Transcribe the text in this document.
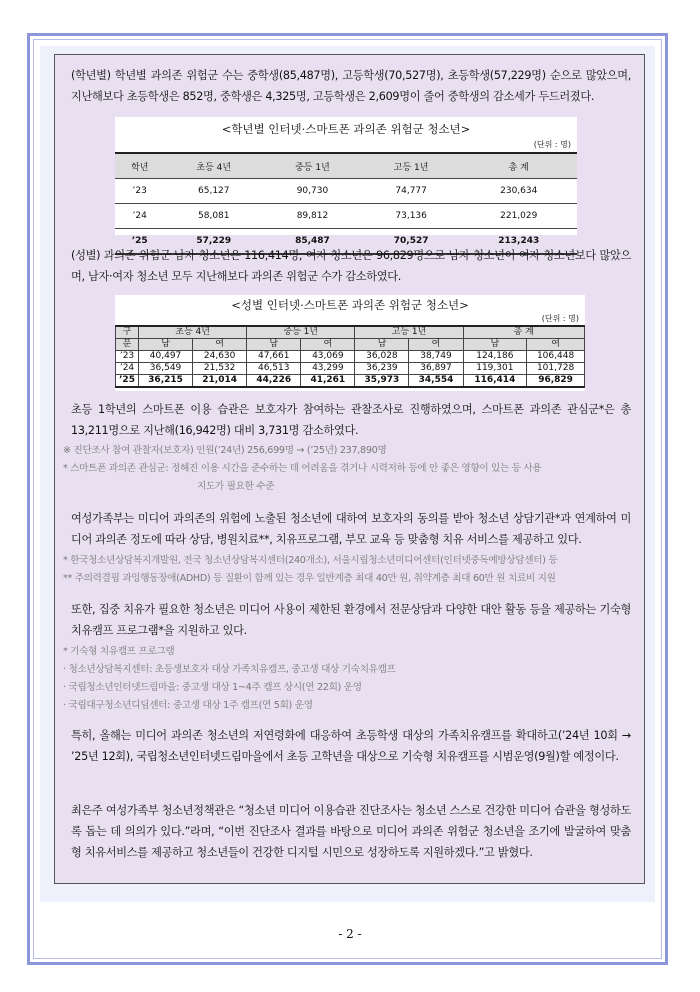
(학년별) 학년별 과의존 위험군 수는 중학생(85,487명), 고등학생(70,527명), 초등학생(57,229명) 순으로 많았으며, 지난해보다 초등학생은 852명, 중학생은 4,325명, 고등학생은 2,609명이 줄어 중학생의 감소세가 두드러졌다.

<학년별 인터넷·스마트폰 과의존 위험군 청소년>

(단위 : 명)

학년	초등 4년	중등 1년	고등 1년	총 계
’23	65,127	90,730	74,777	230,634
’24	58,081	89,812	73,136	221,029
’25	57,229	85,487	70,527	213,243

(성별) 과의존 위험군 남자 청소년은 116,414명, 여자 청소년은 96,829명으로 남자 청소년이 여자 청소년보다 많았으며, 남자·여자 청소년 모두 지난해보다 과의존 위험군 수가 감소하였다.

<성별 인터넷·스마트폰 과의존 위험군 청소년>

(단위 : 명)

구	초등 4년		중등 1년		고등 1년		총 계	
분	남	여	남	여	남	여	남	여
’23	40,497	24,630	47,661	43,069	36,028	38,749	124,186	106,448
’24	36,549	21,532	46,513	43,299	36,239	36,897	119,301	101,728
’25	36,215	21,014	44,226	41,261	35,973	34,554	116,414	96,829

초등 1학년의 스마트폰 이용 습관은 보호자가 참여하는 관찰조사로 진행하였으며, 스마트폰 과의존 관심군*은 총 13,211명으로 지난해(16,942명) 대비 3,731명 감소하였다.

※ 진단조사 참여 관찰자(보호자) 인원(’24년) 256,699명 → (’25년) 237,890명

* 스마트폰 과의존 관심군: 정해진 이용 시간을 준수하는 데 어려움을 겪거나 시력저하 등에 안 좋은 영향이 있는 등 사용

지도가 필요한 수준

여성가족부는 미디어 과의존의 위험에 노출된 청소년에 대하여 보호자의 동의를 받아 청소년 상담기관*과 연계하여 미디어 과의존 정도에 따라 상담, 병원치료**, 치유프로그램, 부모 교육 등 맞춤형 치유 서비스를 제공하고 있다.

* 한국청소년상담복지개발원, 전국 청소년상담복지센터(240개소), 서울시립청소년미디어센터(인터넷중독예방상담센터) 등

** 주의력결핍 과잉행동장애(ADHD) 등 질환이 함께 있는 경우 일반계층 최대 40만 원, 취약계층 최대 60만 원 치료비 지원

또한, 집중 치유가 필요한 청소년은 미디어 사용이 제한된 환경에서 전문상담과 다양한 대안 활동 등을 제공하는 기숙형 치유캠프 프로그램*을 지원하고 있다.

* 기숙형 치유캠프 프로그램

· 청소년상담복지센터: 초등생보호자 대상 가족치유캠프, 중고생 대상 기숙치유캠프

· 국립청소년인터넷드림마을: 중고생 대상 1~4주 캠프 상시(연 22회) 운영

· 국립대구청소년디딤센터: 중고생 대상 1주 캠프(연 5회) 운영

특히, 올해는 미디어 과의존 청소년의 저연령화에 대응하여 초등학생 대상의 가족치유캠프를 확대하고(’24년 10회 → ’25년 12회), 국립청소년인터넷드림마을에서 초등 고학년을 대상으로 기숙형 치유캠프를 시범운영(9월)할 예정이다.

최은주 여성가족부 청소년정책관은 “청소년 미디어 이용습관 진단조사는 청소년 스스로 건강한 미디어 습관을 형성하도록 돕는 데 의의가 있다.”라며, “이번 진단조사 결과를 바탕으로 미디어 과의존 위험군 청소년을 조기에 발굴하여 맞춤형 치유서비스를 제공하고 청소년들이 건강한 디지털 시민으로 성장하도록 지원하겠다.”고 밝혔다.

- 2 -
